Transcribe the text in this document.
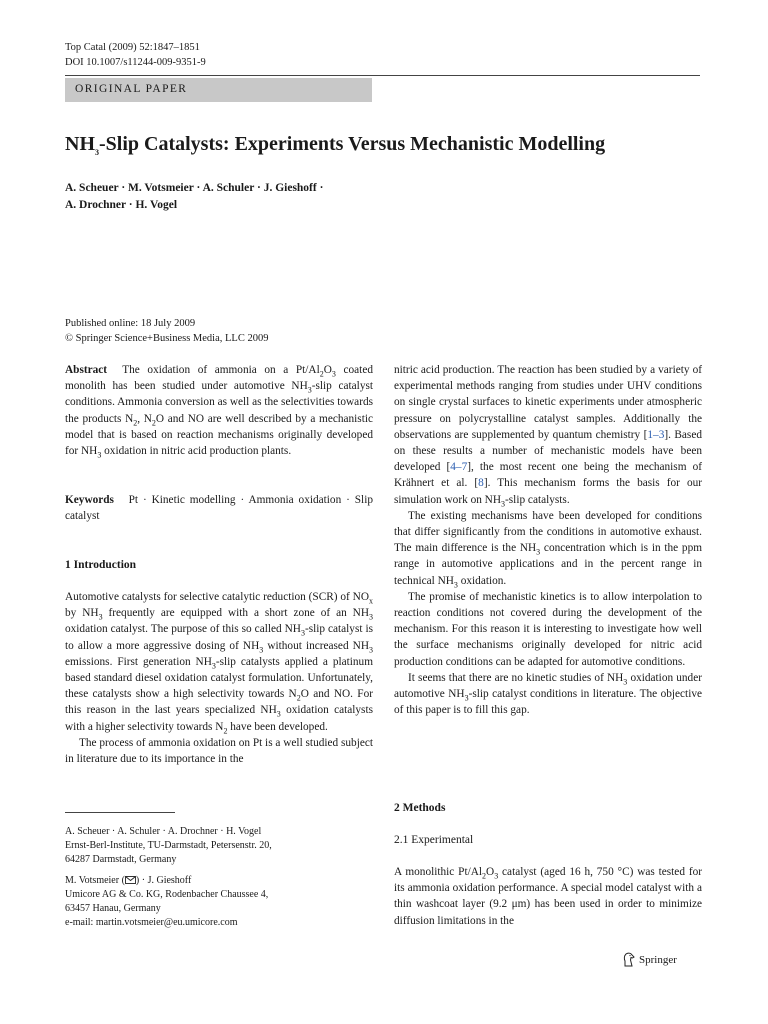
Top Catal (2009) 52:1847–1851
DOI 10.1007/s11244-009-9351-9
ORIGINAL PAPER
$NH_3$-Slip Catalysts: Experiments Versus Mechanistic Modelling
A. Scheuer · M. Votsmeier · A. Schuler · J. Gieshoff ·
A. Drochner · H. Vogel
Published online: 18 July 2009
© Springer Science+Business Media, LLC 2009

Abstract  The oxidation of ammonia on a $Pt/Al_2O_3$ coated monolith has been studied under automotive $NH_3$-slip catalyst conditions. Ammonia conversion as well as the selectivities towards the products $N_2$, $N_2O$ and NO are well described by a mechanistic model that is based on reaction mechanisms originally developed for $NH_3$ oxidation in nitric acid production plants.

Keywords Pt · Kinetic modelling · Ammonia oxidation · Slip catalyst

1 Introduction

Automotive catalysts for selective catalytic reduction (SCR) of $NO_x$ by $NH_3$ frequently are equipped with a short zone of an $NH_3$ oxidation catalyst. The purpose of this so called $NH_3$-slip catalyst is to allow a more aggressive dosing of $NH_3$ without increased $NH_3$ emissions. First generation $NH_3$-slip catalysts applied a platinum based standard diesel oxidation catalyst formulation. Unfortunately, these catalysts show a high selectivity towards $N_2O$ and NO. For this reason in the last years specialized $NH_3$ oxidation catalysts with a higher selectivity towards $N_2$ have been developed.

The process of ammonia oxidation on Pt is a well studied subject in literature due to its importance in the

A. Scheuer · A. Schuler · A. Drochner · H. Vogel
Ernst-Berl-Institute, TU-Darmstadt, Petersenstr. 20,
64287 Darmstadt, Germany
M. Votsmeier ( ) · J. Gieshoff
Umicore AG & Co. KG, Rodenbacher Chaussee 4,
63457 Hanau, Germany
e-mail: martin.votsmeier@eu.umicore.com

nitric acid production. The reaction has been studied by a variety of experimental methods ranging from studies under UHV conditions on single crystal surfaces to kinetic experiments under atmospheric pressure on polycrystalline catalyst samples. Additionally the observations are supplemented by quantum chemistry [1–3]. Based on these results a number of mechanistic models have been developed [4–7], the most recent one being the mechanism of Krähnert et al. [8]. This mechanism forms the basis for our simulation work on $NH_3$-slip catalysts.

The existing mechanisms have been developed for conditions that differ significantly from the conditions in automotive exhaust. The main difference is the $NH_3$ concentration which is in the ppm range in automotive applications and in the percent range in technical $NH_3$ oxidation.

The promise of mechanistic kinetics is to allow interpolation to reaction conditions not covered during the development of the mechanism. For this reason it is interesting to investigate how well the surface mechanisms originally developed for nitric acid production conditions can be adapted for automotive conditions.

It seems that there are no kinetic studies of $NH_3$ oxidation under automotive $NH_3$-slip catalyst conditions in literature. The objective of this paper is to fill this gap.

2 Methods
2.1 Experimental

A monolithic $Pt/Al_2O_3$ catalyst (aged 16 h, 750 °C) was tested for its ammonia oxidation performance. A special model catalyst with a thin washcoat layer (9.2 μm) has been used in order to minimize diffusion limitations in the

Springer
